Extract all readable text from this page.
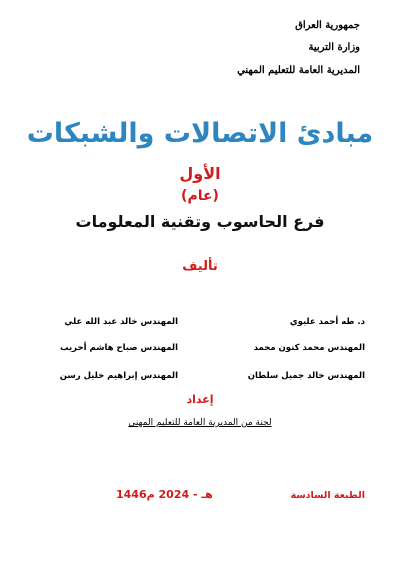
جمهورية العراق
وزارة التربية
المديرية العامة للتعليم المهني
مبادئ الاتصالات والشبكات
الأول
(عام)
فرع الحاسوب وتقنية المعلومات
تأليف
د. طه أحمد عليوي
المهندس خالد عبد الله علي
المهندس محمد كنون محمد
المهندس صباح هاشم أحريب
المهندس خالد جميل سلطان
المهندس إبراهيم خليل رسن
إعداد
لجنة من المديرية العامة للتعليم المهني
الطبعة السادسة
1446هـ - 2024 م
